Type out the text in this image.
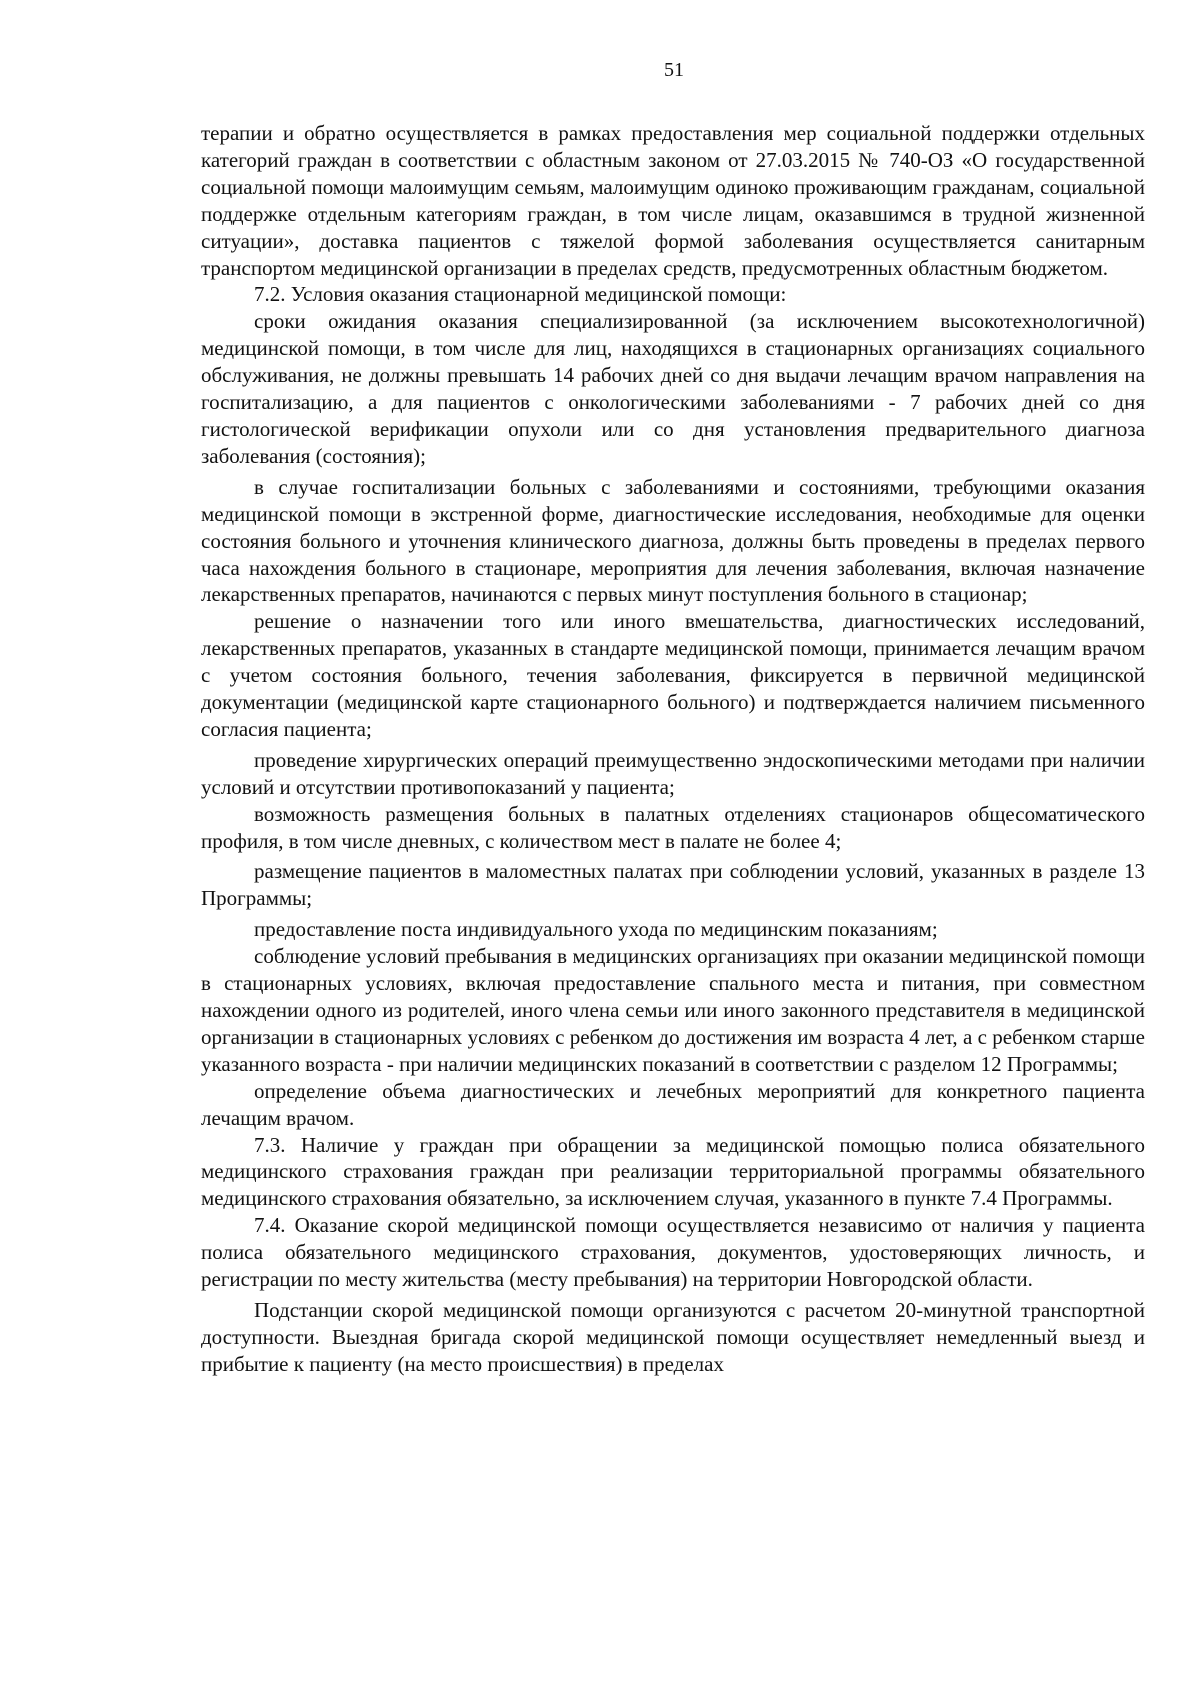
51

терапии и обратно осуществляется в рамках предоставления мер социальной поддержки отдельных категорий граждан в соответствии с областным законом от 27.03.2015 № 740-ОЗ «О государственной социальной помощи малоимущим семьям, малоимущим одиноко проживающим гражданам, социальной поддержке отдельным категориям граждан, в том числе лицам, оказавшимся в трудной жизненной ситуации», доставка пациентов с тяжелой формой заболевания осуществляется санитарным транспортом медицинской организации в пределах средств, предусмотренных областным бюджетом.

7.2. Условия оказания стационарной медицинской помощи:

сроки ожидания оказания специализированной (за исключением высокотехнологичной) медицинской помощи, в том числе для лиц, находящихся в стационарных организациях социального обслуживания, не должны превышать 14 рабочих дней со дня выдачи лечащим врачом направления на госпитализацию, а для пациентов с онкологическими заболеваниями - 7 рабочих дней со дня гистологической верификации опухоли или со дня установления предварительного диагноза заболевания (состояния);

в случае госпитализации больных с заболеваниями и состояниями, требующими оказания медицинской помощи в экстренной форме, диагностические исследования, необходимые для оценки состояния больного и уточнения клинического диагноза, должны быть проведены в пределах первого часа нахождения больного в стационаре, мероприятия для лечения заболевания, включая назначение лекарственных препаратов, начинаются с первых минут поступления больного в стационар;

решение о назначении того или иного вмешательства, диагностических исследований, лекарственных препаратов, указанных в стандарте медицинской помощи, принимается лечащим врачом с учетом состояния больного, течения заболевания, фиксируется в первичной медицинской документации (медицинской карте стационарного больного) и подтверждается наличием письменного согласия пациента;

проведение хирургических операций преимущественно эндоскопическими методами при наличии условий и отсутствии противопоказаний у пациента;

возможность размещения больных в палатных отделениях стационаров общесоматического профиля, в том числе дневных, с количеством мест в палате не более 4;

размещение пациентов в маломестных палатах при соблюдении условий, указанных в разделе 13 Программы;

предоставление поста индивидуального ухода по медицинским показаниям;

соблюдение условий пребывания в медицинских организациях при оказании медицинской помощи в стационарных условиях, включая предоставление спального места и питания, при совместном нахождении одного из родителей, иного члена семьи или иного законного представителя в медицинской организации в стационарных условиях с ребенком до достижения им возраста 4 лет, а с ребенком старше указанного возраста - при наличии медицинских показаний в соответствии с разделом 12 Программы;

определение объема диагностических и лечебных мероприятий для конкретного пациента лечащим врачом.

7.3. Наличие у граждан при обращении за медицинской помощью полиса обязательного медицинского страхования граждан при реализации территориальной программы обязательного медицинского страхования обязательно, за исключением случая, указанного в пункте 7.4 Программы.

7.4. Оказание скорой медицинской помощи осуществляется независимо от наличия у пациента полиса обязательного медицинского страхования, документов, удостоверяющих личность, и регистрации по месту жительства (месту пребывания) на территории Новгородской области.

Подстанции скорой медицинской помощи организуются с расчетом 20-минутной транспортной доступности. Выездная бригада скорой медицинской помощи осуществляет немедленный выезд и прибытие к пациенту (на место происшествия) в пределах
